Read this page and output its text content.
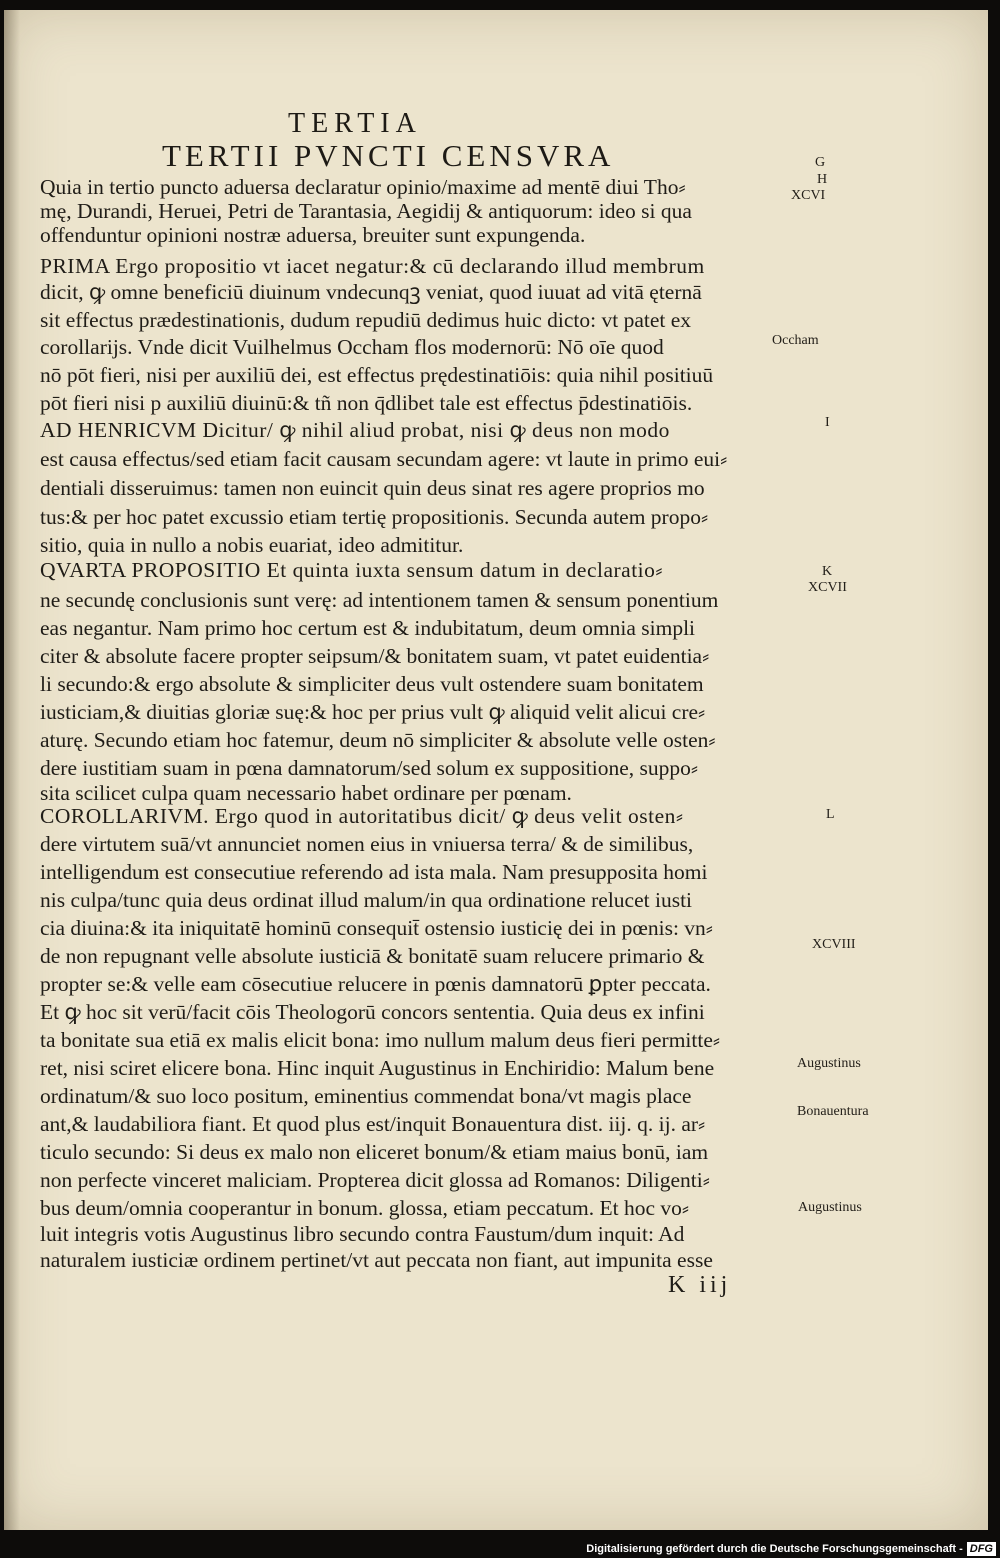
TERTIA
TERTII PVNCTI CENSVRA

Quia in tertio puncto aduersa declaratur opinio/maxime ad mentē diui Tho⸗

mę, Durandi, Heruei, Petri de Tarantasia, Aegidij & antiquorum: ideo si qua

offenduntur opinioni nostræ aduersa, breuiter sunt expungenda.

PRIMA Ergo propositio vt iacet negatur:& cū declarando illud membrum

dicit, ꝙ omne beneficiū diuinum vndecunqꝫ veniat, quod iuuat ad vitā ęternā

sit effectus prædestinationis, dudum repudiū dedimus huic dicto: vt patet ex

corollarijs. Vnde dicit Vuilhelmus Occham flos modernorū: Nō oīe quod

nō pōt fieri, nisi per auxiliū dei, est effectus prędestinatiōis: quia nihil positiuū

pōt fieri nisi p auxiliū diuinū:& tñ non q̄dlibet tale est effectus p̄destinatiōis.

AD HENRICVM Dicitur/ ꝙ nihil aliud probat, nisi ꝙ deus non modo

est causa effectus/sed etiam facit causam secundam agere: vt laute in primo eui⸗

dentiali disseruimus: tamen non euincit quin deus sinat res agere proprios mo

tus:& per hoc patet excussio etiam tertię propositionis. Secunda autem propo⸗

sitio, quia in nullo a nobis euariat, ideo admititur.

QVARTA PROPOSITIO Et quinta iuxta sensum datum in declaratio⸗

ne secundę conclusionis sunt verę: ad intentionem tamen & sensum ponentium

eas negantur. Nam primo hoc certum est & indubitatum, deum omnia simpli

citer & absolute facere propter seipsum/& bonitatem suam, vt patet euidentia⸗

li secundo:& ergo absolute & simpliciter deus vult ostendere suam bonitatem

iusticiam,& diuitias gloriæ suę:& hoc per prius vult ꝙ aliquid velit alicui cre⸗

aturę. Secundo etiam hoc fatemur, deum nō simpliciter & absolute velle osten⸗

dere iustitiam suam in pœna damnatorum/sed solum ex suppositione, suppo⸗

sita scilicet culpa quam necessario habet ordinare per pœnam.

COROLLARIVM. Ergo quod in autoritatibus dicit/ ꝙ deus velit osten⸗

dere virtutem suā/vt annunciet nomen eius in vniuersa terra/ & de similibus,

intelligendum est consecutiue referendo ad ista mala. Nam presupposita homi

nis culpa/tunc quia deus ordinat illud malum/in qua ordinatione relucet iusti

cia diuina:& ita iniquitatē hominū consequit̄ ostensio iusticię dei in pœnis: vn⸗

de non repugnant velle absolute iusticiā & bonitatē suam relucere primario &

propter se:& velle eam cōsecutiue relucere in pœnis damnatorū ꝑpter peccata.

Et ꝙ hoc sit verū/facit cōis Theologorū concors sententia. Quia deus ex infini

ta bonitate sua etiā ex malis elicit bona: imo nullum malum deus fieri permitte⸗

ret, nisi sciret elicere bona. Hinc inquit Augustinus in Enchiridio: Malum bene

ordinatum/& suo loco positum, eminentius commendat bona/vt magis place

ant,& laudabiliora fiant. Et quod plus est/inquit Bonauentura dist. iij. q. ij. ar⸗

ticulo secundo: Si deus ex malo non eliceret bonum/& etiam maius bonū, iam

non perfecte vinceret maliciam. Propterea dicit glossa ad Romanos: Diligenti⸗

bus deum/omnia cooperantur in bonum. glossa, etiam peccatum. Et hoc vo⸗

luit integris votis Augustinus libro secundo contra Faustum/dum inquit: Ad

naturalem iusticiæ ordinem pertinet/vt aut peccata non fiant, aut impunita esse

K iij

G

H

XCVI

Occham

I

K

XCVII

L

XCVIII

Augustinus

Bonauentura

Augustinus

Digitalisierung gefördert durch die Deutsche Forschungsgemeinschaft - DFG
